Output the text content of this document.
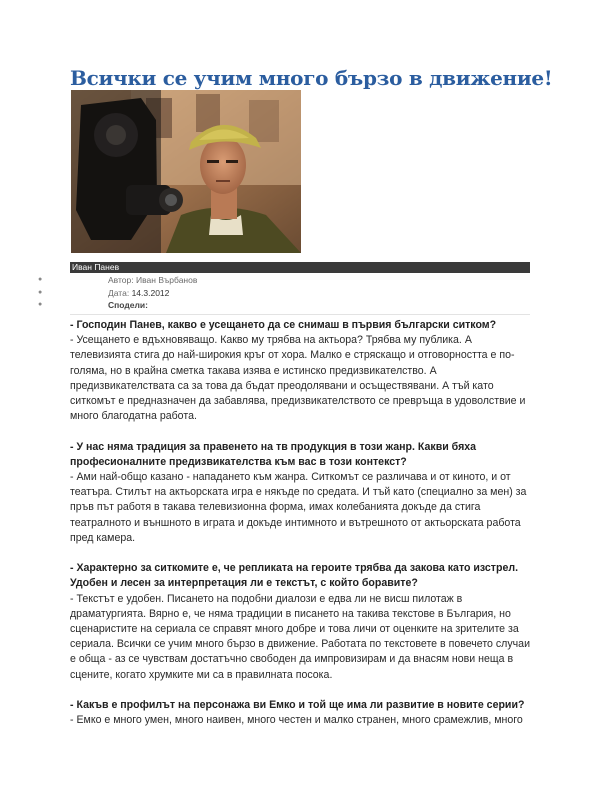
Всички се учим много бързо в движение!
Иван Панев
●	Автор: Иван Върбанов
●	Дата: 14.3.2012
●	Сподели:

- Господин Панев, какво е усещането да се снимаш в първия български ситком?

- Усещането е вдъхновяващо. Какво му трябва на актьора? Трябва му публика. А телевизията стига до най-широкия кръг от хора. Малко е стряскащо и отговорността е по-голяма, но в крайна сметка такава изява е истинско предизвикателство. А предизвикателствата са за това да бъдат преодолявани и осъществявани. А тъй като ситкомът е предназначен да забавлява, предизвикателството се превръща в удоволствие и много благодатна работа.

- У нас няма традиция за правенето на тв продукция в този жанр. Какви бяха професионалните предизвикателства към вас в този контекст?

- Ами най-общо казано - нападането към жанра. Ситкомът се различава и от киното, и от театъра. Стилът на актьорската игра е някъде по средата. И тъй като (специално за мен) за пръв път работя в такава телевизионна форма, имах колебанията докъде да стига театралното и външното в играта и докъде интимното и вътрешното от актьорската работа пред камера.

- Характерно за ситкомите е, че репликата на героите трябва да закова като изстрел. Удобен и лесен за интерпретация ли е текстът, с който боравите?

- Текстът е удобен. Писането на подобни диалози е едва ли не висш пилотаж в драматургията. Вярно е, че няма традиции в писането на такива текстове в България, но сценаристите на сериала се справят много добре и това личи от оценките на зрителите за сериала. Всички се учим много бързо в движение. Работата по текстовете в повечето случаи е обща - аз се чувствам достатъчно свободен да импровизирам и да внасям нови неща в сцените, когато хрумките ми са в правилната посока.

- Какъв е профилът на персонажа ви Емко и той ще има ли развитие в новите серии?

- Емко е много умен, много наивен, много честен и малко странен, много срамежлив, много
